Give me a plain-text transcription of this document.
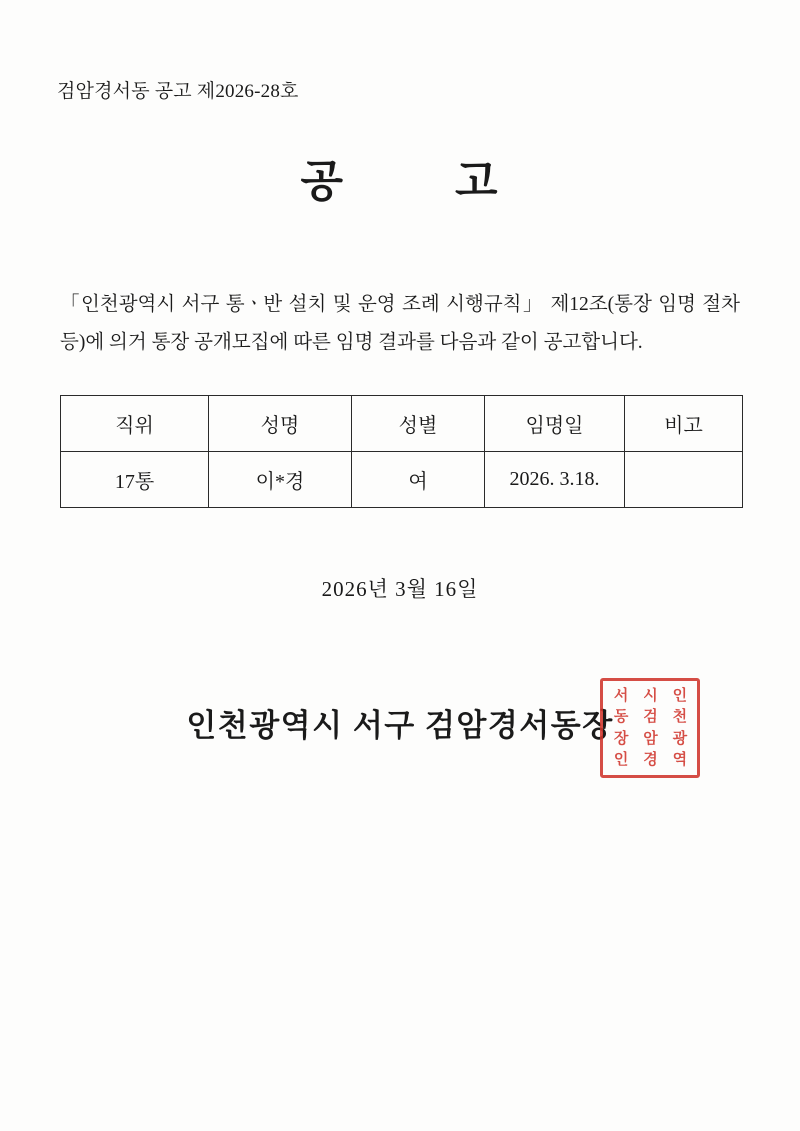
검암경서동 공고 제2026-28호
공	고
「인천광역시 서구 통ㆍ반 설치 및 운영 조례 시행규칙」 제12조(통장 임명 절차 등)에 의거 통장 공개모집에 따른 임명 결과를 다음과 같이 공고합니다.
직위	성명	성별	임명일	비고
17통	이*경	여	2026. 3.18.	
2026년 3월 16일
인천광역시 서구 검암경서동장
인
천
광
역
시
검
암
경
서
동
장
인
